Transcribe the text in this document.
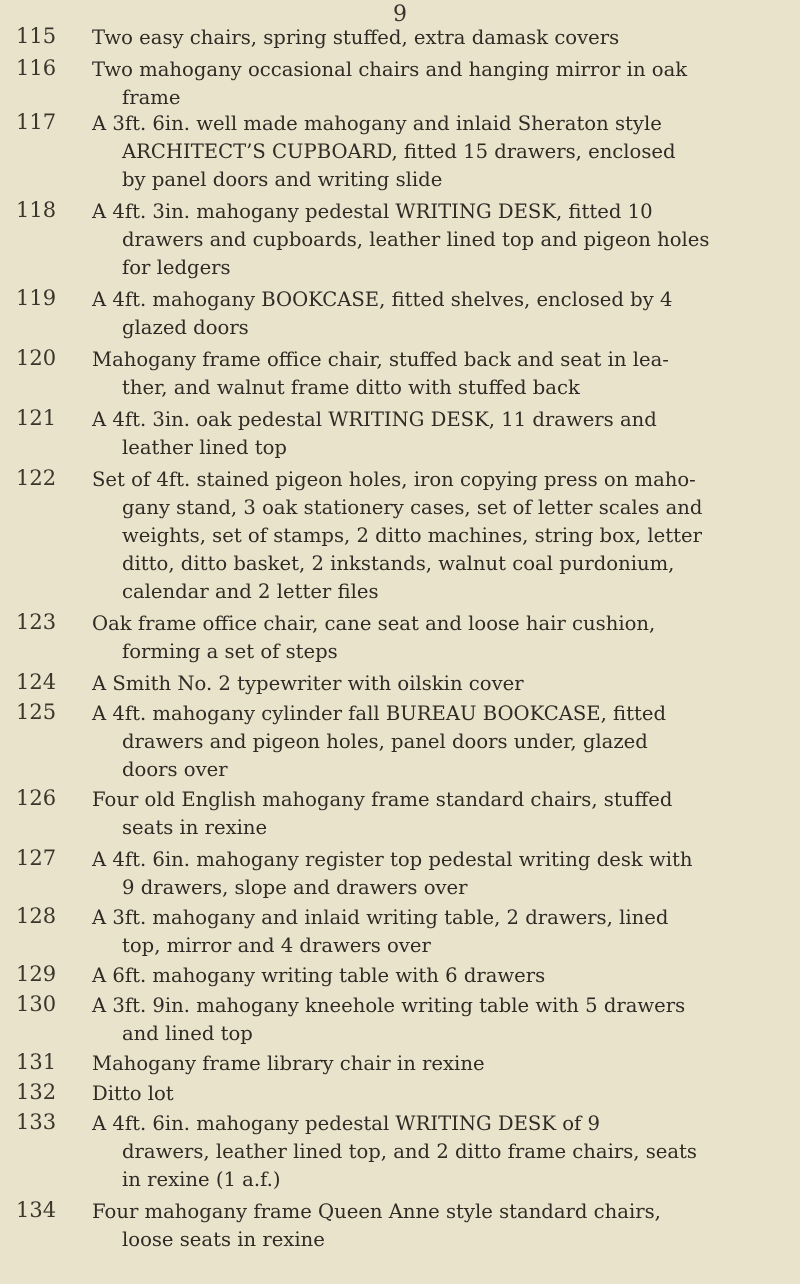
9
115	Two easy chairs, spring stuffed, extra damask covers
116	Two mahogany occasional chairs and hanging mirror in oak
frame
117	A 3ft. 6in. well made mahogany and inlaid Sheraton style
ARCHITECT’S CUPBOARD, fitted 15 drawers, enclosed
by panel doors and writing slide
118	A 4ft. 3in. mahogany pedestal WRITING DESK, fitted 10
drawers and cupboards, leather lined top and pigeon holes
for ledgers
119	A 4ft. mahogany BOOKCASE, fitted shelves, enclosed by 4
glazed doors
120	Mahogany frame office chair, stuffed back and seat in lea-
ther, and walnut frame ditto with stuffed back
121	A 4ft. 3in. oak pedestal WRITING DESK, 11 drawers and
leather lined top
122	Set of 4ft. stained pigeon holes, iron copying press on maho-
gany stand, 3 oak stationery cases, set of letter scales and
weights, set of stamps, 2 ditto machines, string box, letter
ditto, ditto basket, 2 inkstands, walnut coal purdonium,
calendar and 2 letter files
123	Oak frame office chair, cane seat and loose hair cushion,
forming a set of steps
124	A Smith No. 2 typewriter with oilskin cover
125	A 4ft. mahogany cylinder fall BUREAU BOOKCASE, fitted
drawers and pigeon holes, panel doors under, glazed
doors over
126	Four old English mahogany frame standard chairs, stuffed
seats in rexine
127	A 4ft. 6in. mahogany register top pedestal writing desk with
9 drawers, slope and drawers over
128	A 3ft. mahogany and inlaid writing table, 2 drawers, lined
top, mirror and 4 drawers over
129	A 6ft. mahogany writing table with 6 drawers
130	A 3ft. 9in. mahogany kneehole writing table with 5 drawers
and lined top
131	Mahogany frame library chair in rexine
132	Ditto lot
133	A 4ft. 6in. mahogany pedestal WRITING DESK of 9
drawers, leather lined top, and 2 ditto frame chairs, seats
in rexine (1 a.f.)
134	Four mahogany frame Queen Anne style standard chairs,
loose seats in rexine
